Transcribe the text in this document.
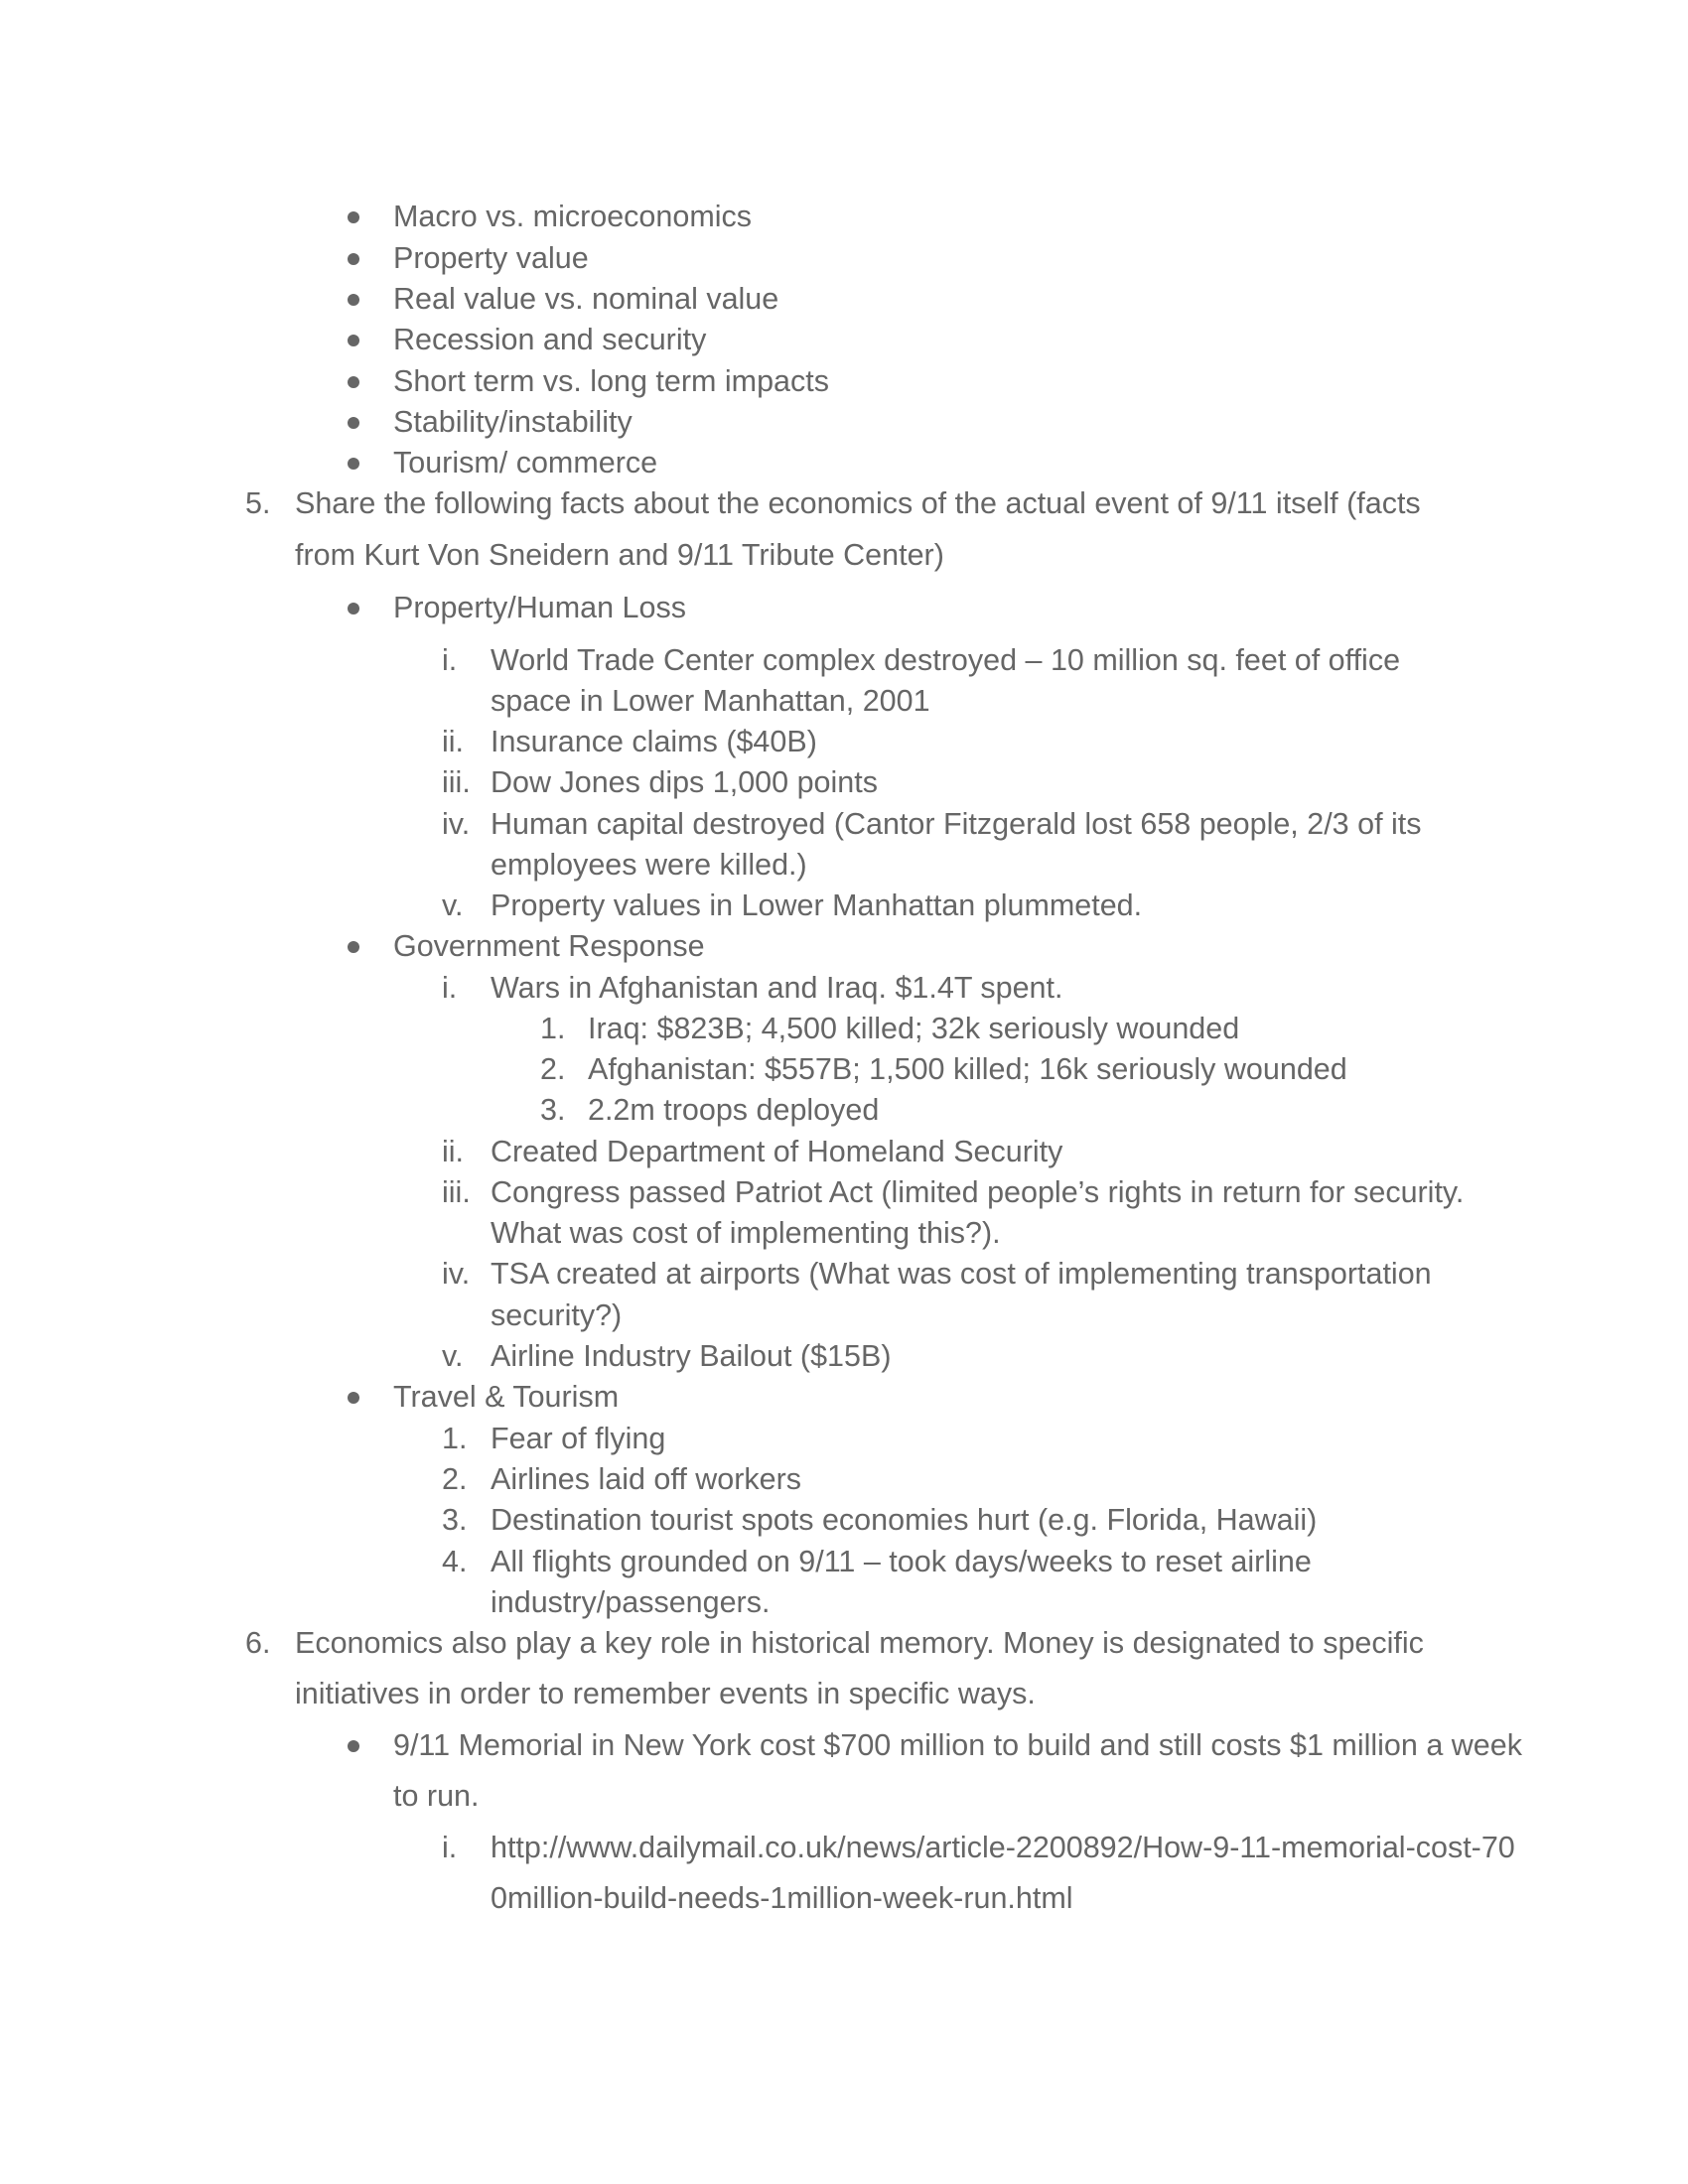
Macro vs. microeconomics
Property value
Real value vs. nominal value
Recession and security
Short term vs. long term impacts
Stability/instability
Tourism/ commerce
5. Share the following facts about the economics of the actual event of 9/11 itself (facts
from Kurt Von Sneidern and 9/11 Tribute Center)
Property/Human Loss
i. World Trade Center complex destroyed – 10 million sq. feet of office
space in Lower Manhattan, 2001
ii. Insurance claims ($40B)
iii. Dow Jones dips 1,000 points
iv. Human capital destroyed (Cantor Fitzgerald lost 658 people, 2/3 of its
employees were killed.)
v. Property values in Lower Manhattan plummeted.
Government Response
i. Wars in Afghanistan and Iraq. $1.4T spent.
1. Iraq: $823B; 4,500 killed; 32k seriously wounded
2. Afghanistan: $557B; 1,500 killed; 16k seriously wounded
3. 2.2m troops deployed
ii. Created Department of Homeland Security
iii. Congress passed Patriot Act (limited people’s rights in return for security.
What was cost of implementing this?).
iv. TSA created at airports (What was cost of implementing transportation
security?)
v. Airline Industry Bailout ($15B)
Travel & Tourism
1. Fear of flying
2. Airlines laid off workers
3. Destination tourist spots economies hurt (e.g. Florida, Hawaii)
4. All flights grounded on 9/11 – took days/weeks to reset airline
industry/passengers.
6. Economics also play a key role in historical memory. Money is designated to specific
initiatives in order to remember events in specific ways.
9/11 Memorial in New York cost $700 million to build and still costs $1 million a week
to run.
i. http://www.dailymail.co.uk/news/article-2200892/How-9-11-memorial-cost-70
0million-build-needs-1million-week-run.html
